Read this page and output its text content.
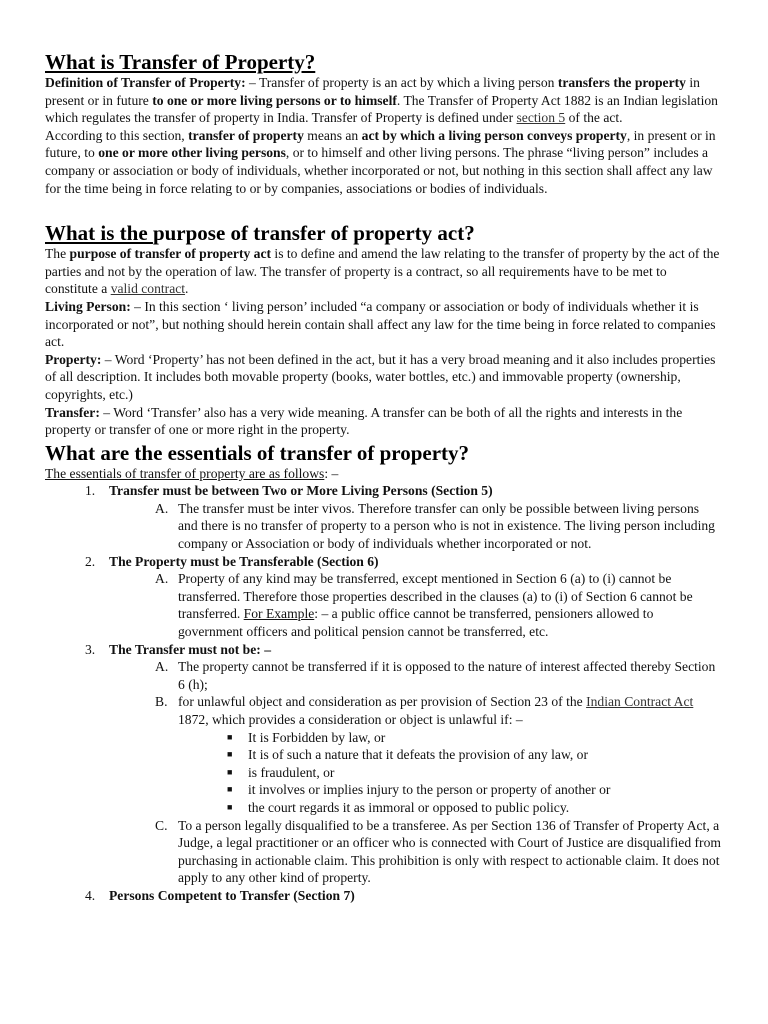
What is Transfer of Property?

Definition of Transfer of Property: – Transfer of property is an act by which a living person transfers the property in present or in future to one or more living persons or to himself. The Transfer of Property Act 1882 is an Indian legislation which regulates the transfer of property in India. Transfer of Property is defined under section 5 of the act.

According to this section, transfer of property means an act by which a living person conveys property, in present or in future, to one or more other living persons, or to himself and other living persons. The phrase “living person” includes a company or association or body of individuals, whether incorporated or not, but nothing in this section shall affect any law for the time being in force relating to or by companies, associations or bodies of individuals.

What is the purpose of transfer of property act?

The purpose of transfer of property act is to define and amend the law relating to the transfer of property by the act of the parties and not by the operation of law. The transfer of property is a contract, so all requirements have to be met to constitute a valid contract.

Living Person: – In this section ‘ living person’ included “a company or association or body of individuals whether it is incorporated or not”, but nothing should herein contain shall affect any law for the time being in force related to companies act.

Property: – Word ‘Property’ has not been defined in the act, but it has a very broad meaning and it also includes properties of all description. It includes both movable property (books, water bottles, etc.) and immovable property (ownership, copyrights, etc.)

Transfer: – Word ‘Transfer’ also has a very wide meaning. A transfer can be both of all the rights and interests in the property or transfer of one or more right in the property.

What are the essentials of transfer of property?

The essentials of transfer of property are as follows: –

1. Transfer must be between Two or More Living Persons (Section 5)
A. The transfer must be inter vivos. Therefore transfer can only be possible between living persons and there is no transfer of property to a person who is not in existence. The living person including company or Association or body of individuals whether incorporated or not.
2. The Property must be Transferable (Section 6)
A. Property of any kind may be transferred, except mentioned in Section 6 (a) to (i) cannot be transferred. Therefore those properties described in the clauses (a) to (i) of Section 6 cannot be transferred. For Example: – a public office cannot be transferred, pensioners allowed to government officers and political pension cannot be transferred, etc.
3. The Transfer must not be: –
A. The property cannot be transferred if it is opposed to the nature of interest affected thereby Section 6 (h);
B. for unlawful object and consideration as per provision of Section 23 of the Indian Contract Act 1872, which provides a consideration or object is unlawful if: –
■ It is Forbidden by law, or
■ It is of such a nature that it defeats the provision of any law, or
■ is fraudulent, or
■ it involves or implies injury to the person or property of another or
■ the court regards it as immoral or opposed to public policy.
C. To a person legally disqualified to be a transferee. As per Section 136 of Transfer of Property Act, a Judge, a legal practitioner or an officer who is connected with Court of Justice are disqualified from purchasing in actionable claim. This prohibition is only with respect to actionable claim. It does not apply to any other kind of property.
4. Persons Competent to Transfer (Section 7)
